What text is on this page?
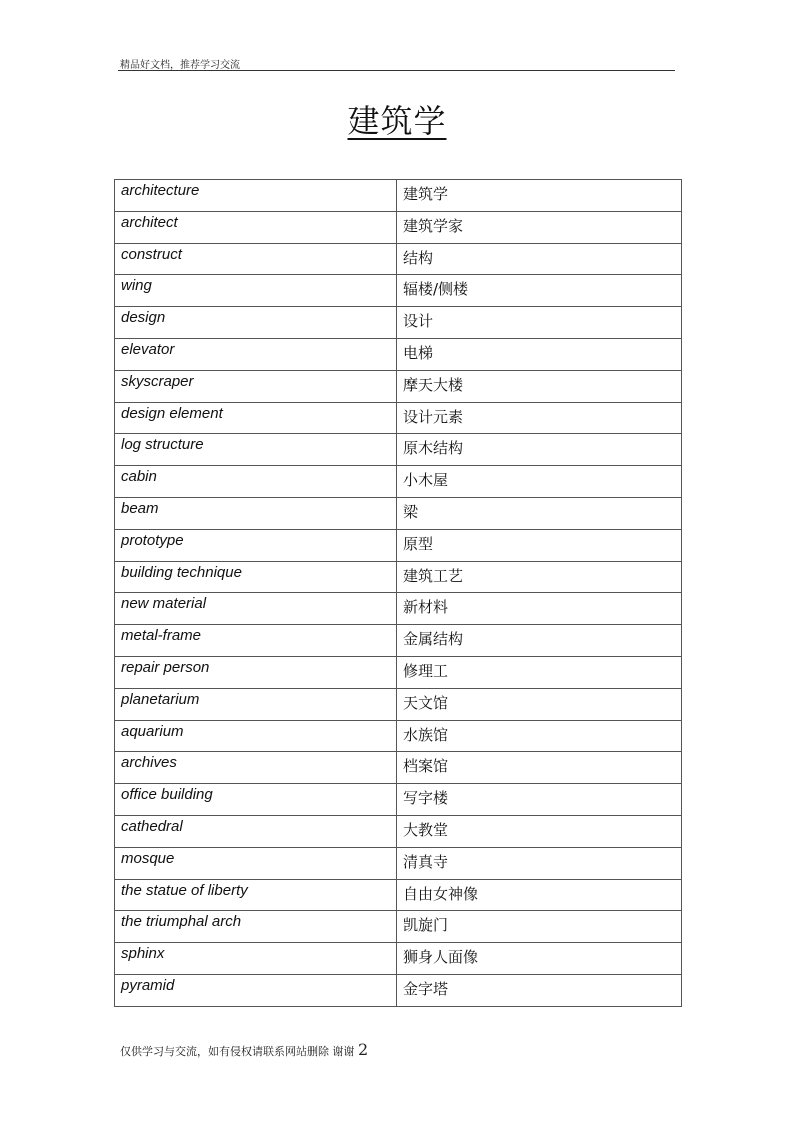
精品好文档，推荐学习交流
建筑学
architecture	建筑学
architect	建筑学家
construct	结构
wing	辐楼/侧楼
design	设计
elevator	电梯
skyscraper	摩天大楼
design element	设计元素
log structure	原木结构
cabin	小木屋
beam	梁
prototype	原型
building technique	建筑工艺
new material	新材料
metal-frame	金属结构
repair person	修理工
planetarium	天文馆
aquarium	水族馆
archives	档案馆
office building	写字楼
cathedral	大教堂
mosque	清真寺
the statue of liberty	自由女神像
the triumphal arch	凯旋门
sphinx	狮身人面像
pyramid	金字塔
仅供学习与交流，如有侵权请联系网站删除 谢谢 2
